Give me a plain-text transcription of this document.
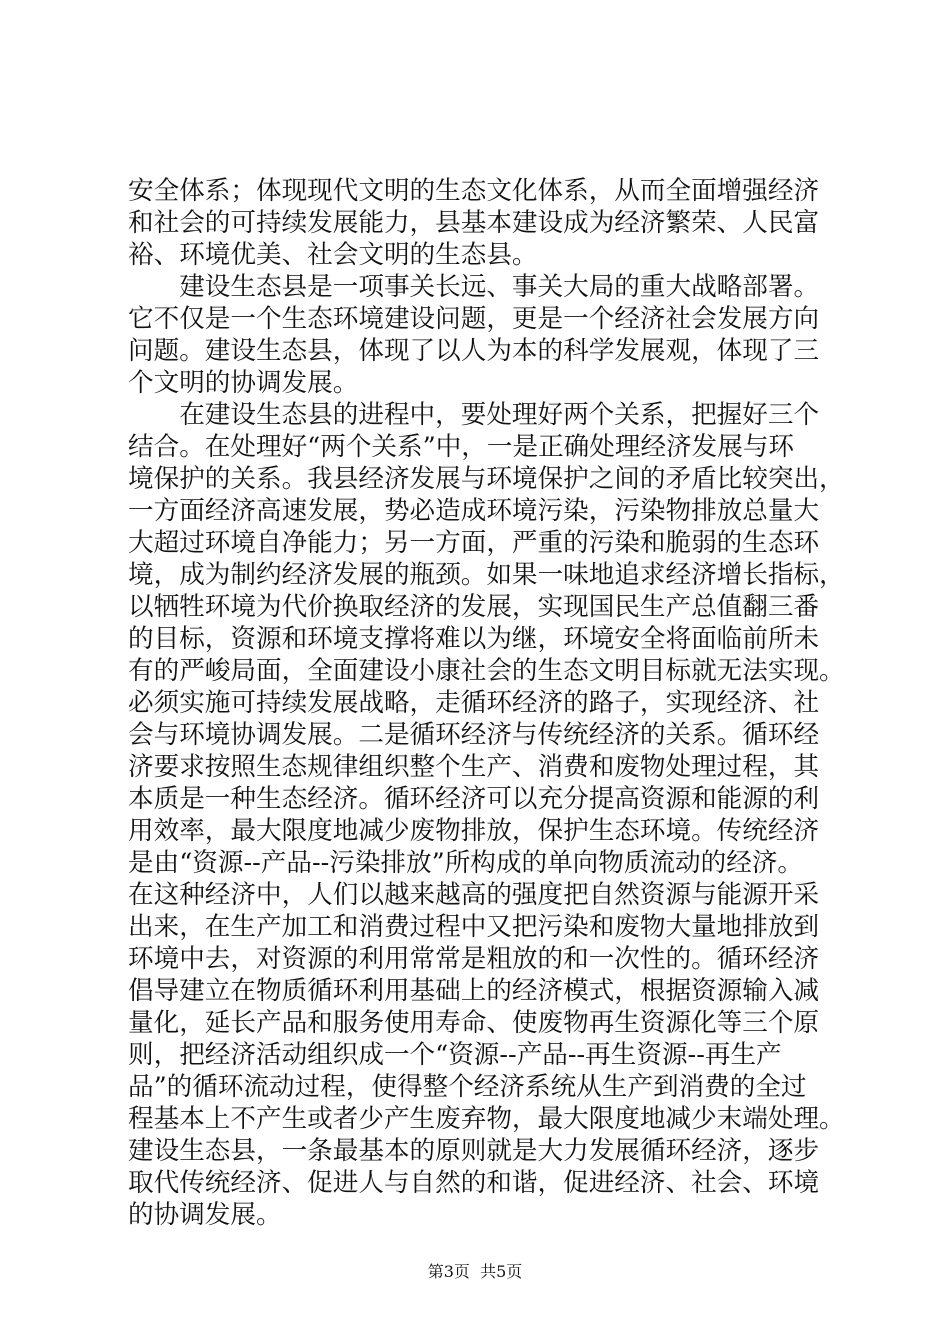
安全体系；体现现代文明的生态文化体系，从而全面增强经济
和社会的可持续发展能力，县基本建设成为经济繁荣、人民富
裕、环境优美、社会文明的生态县。
　　建设生态县是一项事关长远、事关大局的重大战略部署。
它不仅是一个生态环境建设问题，更是一个经济社会发展方向
问题。建设生态县，体现了以人为本的科学发展观，体现了三
个文明的协调发展。
　　在建设生态县的进程中，要处理好两个关系，把握好三个
结合。在处理好“两个关系”中，一是正确处理经济发展与环
境保护的关系。我县经济发展与环境保护之间的矛盾比较突出，
一方面经济高速发展，势必造成环境污染，污染物排放总量大
大超过环境自净能力；另一方面，严重的污染和脆弱的生态环
境，成为制约经济发展的瓶颈。如果一味地追求经济增长指标，
以牺牲环境为代价换取经济的发展，实现国民生产总值翻三番
的目标，资源和环境支撑将难以为继，环境安全将面临前所未
有的严峻局面，全面建设小康社会的生态文明目标就无法实现。
必须实施可持续发展战略，走循环经济的路子，实现经济、社
会与环境协调发展。二是循环经济与传统经济的关系。循环经
济要求按照生态规律组织整个生产、消费和废物处理过程，其
本质是一种生态经济。循环经济可以充分提高资源和能源的利
用效率，最大限度地减少废物排放，保护生态环境。传统经济
是由“资源--产品--污染排放”所构成的单向物质流动的经济。
在这种经济中，人们以越来越高的强度把自然资源与能源开采
出来，在生产加工和消费过程中又把污染和废物大量地排放到
环境中去，对资源的利用常常是粗放的和一次性的。循环经济
倡导建立在物质循环利用基础上的经济模式，根据资源输入减
量化，延长产品和服务使用寿命、使废物再生资源化等三个原
则，把经济活动组织成一个“资源--产品--再生资源--再生产
品”的循环流动过程，使得整个经济系统从生产到消费的全过
程基本上不产生或者少产生废弃物，最大限度地减少末端处理。
建设生态县，一条最基本的原则就是大力发展循环经济，逐步
取代传统经济、促进人与自然的和谐，促进经济、社会、环境
的协调发展。
第3页  共5页
